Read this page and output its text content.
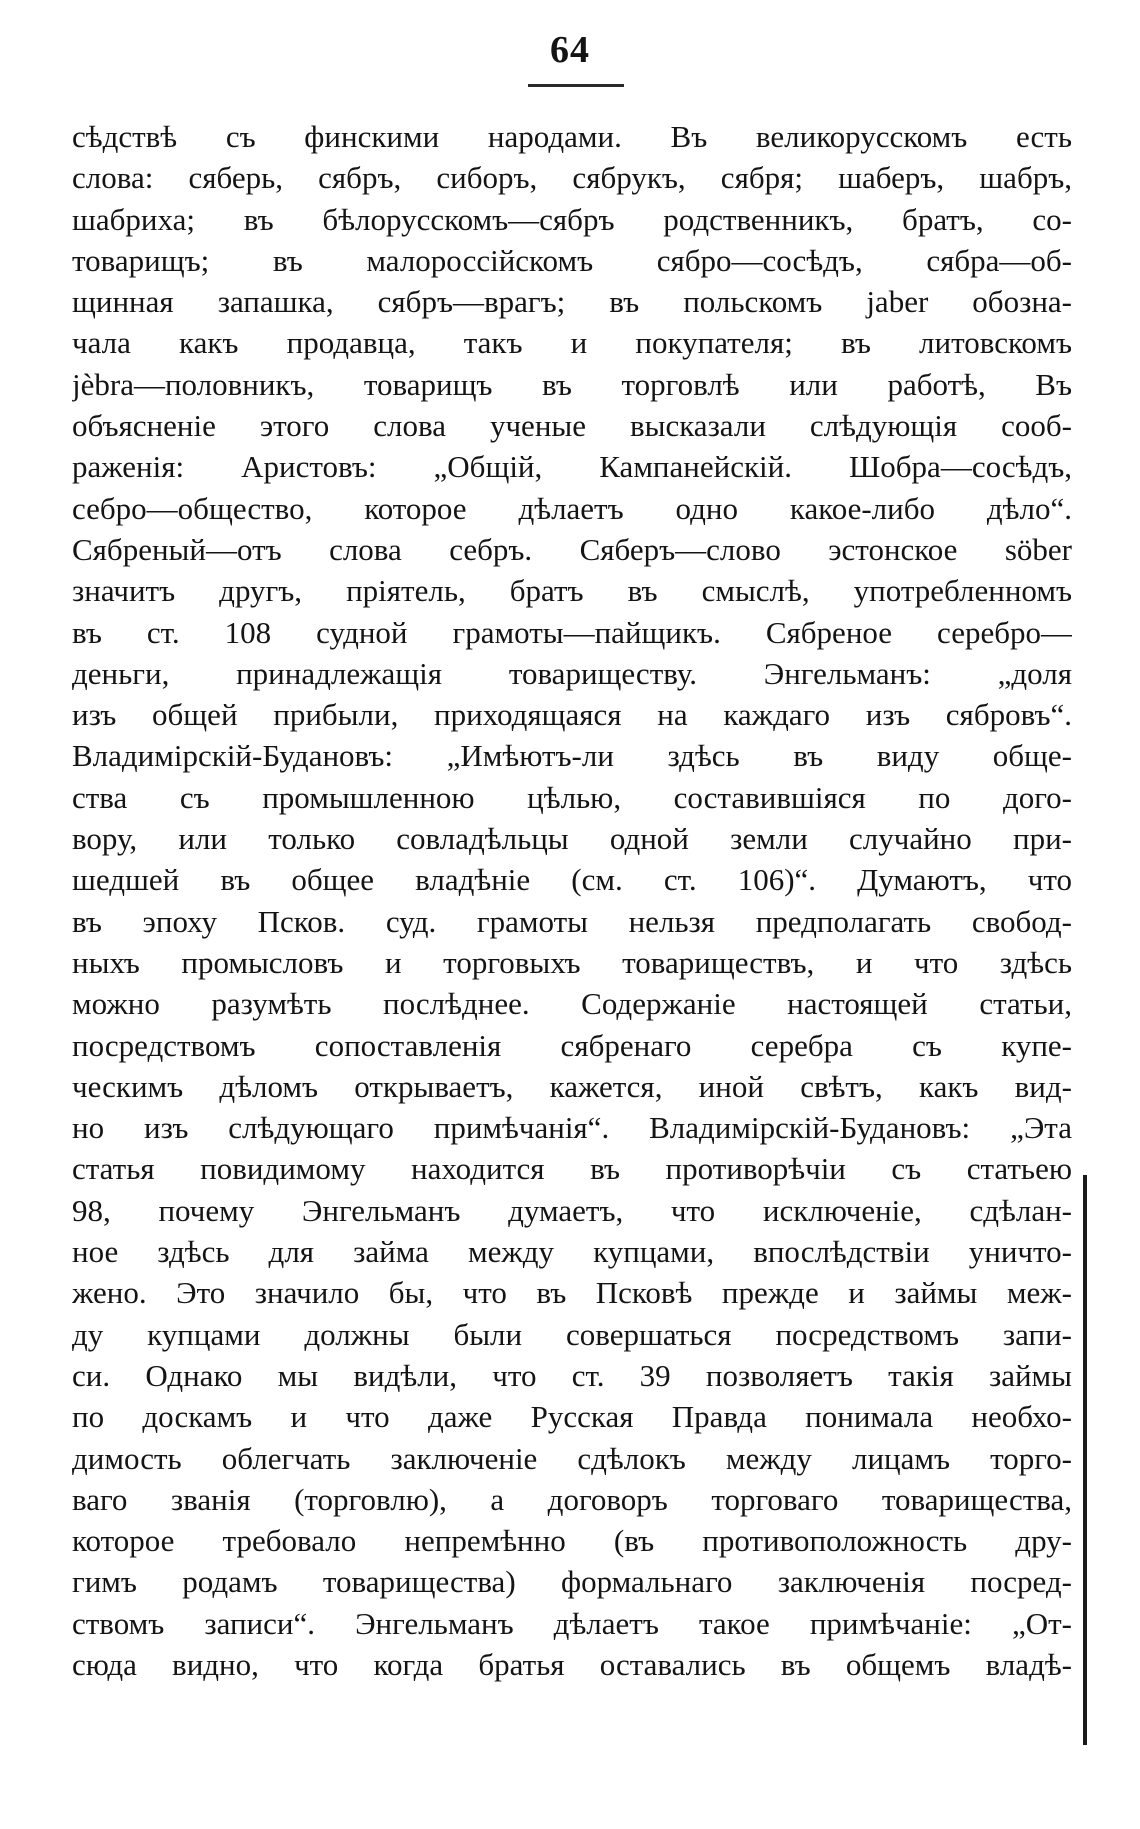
64
сѣдствѣ съ финскими народами. Въ великорусскомъ есть
слова: сяберь, сябръ, сиборъ, сябрукъ, сября; шаберъ, шабръ,
шабриха; въ бѣлорусскомъ—сябръ родственникъ, братъ, со-
товарищъ; въ малороссійскомъ сябро—сосѣдъ, сябра—об-
щинная запашка, сябръ—врагъ; въ польскомъ jaber обозна-
чала какъ продавца, такъ и покупателя; въ литовскомъ
jèbra—половникъ, товарищъ въ торговлѣ или работѣ, Въ
объясненіе этого слова ученые высказали слѣдующія сооб-
раженія: Аристовъ: „Общій, Кампанейскій. Шобра—сосѣдъ,
себро—общество, которое дѣлаетъ одно какое-либо дѣло“.
Сябреный—отъ слова себръ. Сяберъ—слово эстонское söber
значитъ другъ, пріятель, братъ въ смыслѣ, употребленномъ
въ ст. 108 судной грамоты—пайщикъ. Сябреное серебро—
деньги, принадлежащія товариществу. Энгельманъ: „доля
изъ общей прибыли, приходящаяся на каждаго изъ сябровъ“.
Владимірскій-Будановъ: „Имѣютъ-ли здѣсь въ виду обще-
ства съ промышленною цѣлью, составившіяся по дого-
вору, или только совладѣльцы одной земли случайно при-
шедшей въ общее владѣніе (см. ст. 106)“. Думаютъ, что
въ эпоху Псков. суд. грамоты нельзя предполагать свобод-
ныхъ промысловъ и торговыхъ товариществъ, и что здѣсь
можно разумѣть послѣднее. Содержаніе настоящей статьи,
посредствомъ сопоставленія сябренаго серебра съ купе-
ческимъ дѣломъ открываетъ, кажется, иной свѣтъ, какъ вид-
но изъ слѣдующаго примѣчанія“. Владимірскій-Будановъ: „Эта
статья повидимому находится въ противорѣчіи съ статьею
98, почему Энгельманъ думаетъ, что исключеніе, сдѣлан-
ное здѣсь для займа между купцами, впослѣдствіи уничто-
жено. Это значило бы, что въ Псковѣ прежде и займы меж-
ду купцами должны были совершаться посредствомъ запи-
си. Однако мы видѣли, что ст. 39 позволяетъ такія займы
по доскамъ и что даже Русская Правда понимала необхо-
димость облегчать заключеніе сдѣлокъ между лицамъ торго-
ваго званія (торговлю), а договоръ торговаго товарищества,
которое требовало непремѣнно (въ противоположность дру-
гимъ родамъ товарищества) формальнаго заключенія посред-
ствомъ записи“. Энгельманъ дѣлаетъ такое примѣчаніе: „От-
сюда видно, что когда братья оставались въ общемъ владѣ-
